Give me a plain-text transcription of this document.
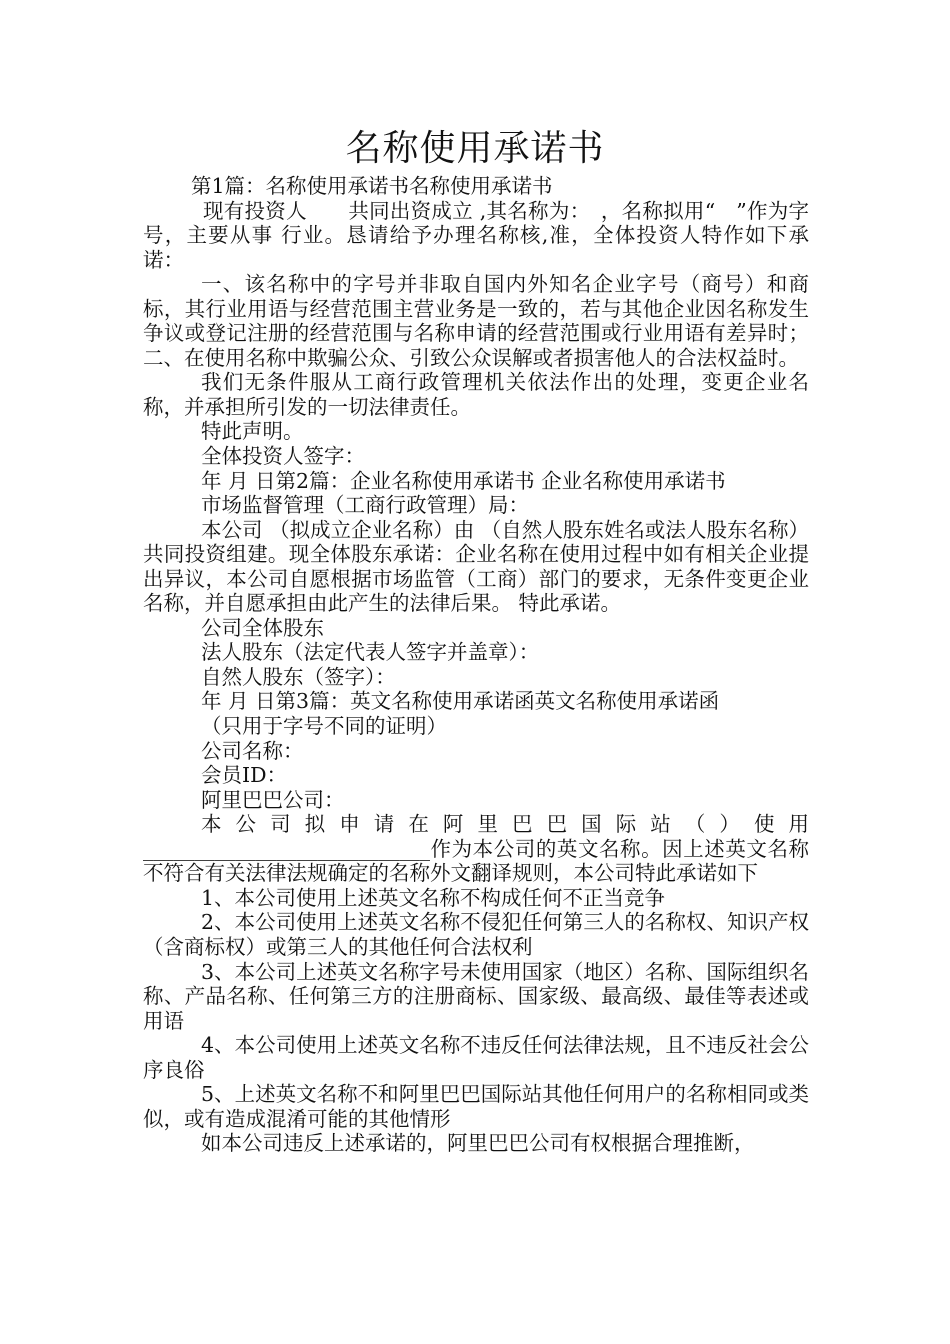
名称使用承诺书

第1篇：名称使用承诺书名称使用承诺书

现有投资人　　共同出资成立 ,其名称为：　，名称拟用“　”作为字号，主要从事 行业。恳请给予办理名称核,准，全体投资人特作如下承诺：

一、该名称中的字号并非取自国内外知名企业字号（商号）和商标，其行业用语与经营范围主营业务是一致的，若与其他企业因名称发生争议或登记注册的经营范围与名称申请的经营范围或行业用语有差异时；二、在使用名称中欺骗公众、引致公众误解或者损害他人的合法权益时。

我们无条件服从工商行政管理机关依法作出的处理，变更企业名称，并承担所引发的一切法律责任。

特此声明。

全体投资人签字：

年 月 日第2篇：企业名称使用承诺书 企业名称使用承诺书

市场监督管理（工商行政管理）局：

本公司 （拟成立企业名称）由 （自然人股东姓名或法人股东名称）共同投资组建。现全体股东承诺：企业名称在使用过程中如有相关企业提出异议，本公司自愿根据市场监管（工商）部门的要求，无条件变更企业名称，并自愿承担由此产生的法律后果。 特此承诺。

公司全体股东

法人股东（法定代表人签字并盖章）：

自然人股东（签字）：

年 月 日第3篇：英文名称使用承诺函英文名称使用承诺函

（只用于字号不同的证明）

公司名称：

会员ID：

阿里巴巴公司：

本公司拟申请在阿里巴巴国际站（）使用____________________________作为本公司的英文名称。因上述英文名称不符合有关法律法规确定的名称外文翻译规则，本公司特此承诺如下

1、本公司使用上述英文名称不构成任何不正当竞争

2、本公司使用上述英文名称不侵犯任何第三人的名称权、知识产权（含商标权）或第三人的其他任何合法权利

3、本公司上述英文名称字号未使用国家（地区）名称、国际组织名称、产品名称、任何第三方的注册商标、国家级、最高级、最佳等表述或用语

4、本公司使用上述英文名称不违反任何法律法规，且不违反社会公序良俗

5、上述英文名称不和阿里巴巴国际站其他任何用户的名称相同或类似，或有造成混淆可能的其他情形

如本公司违反上述承诺的，阿里巴巴公司有权根据合理推断，
